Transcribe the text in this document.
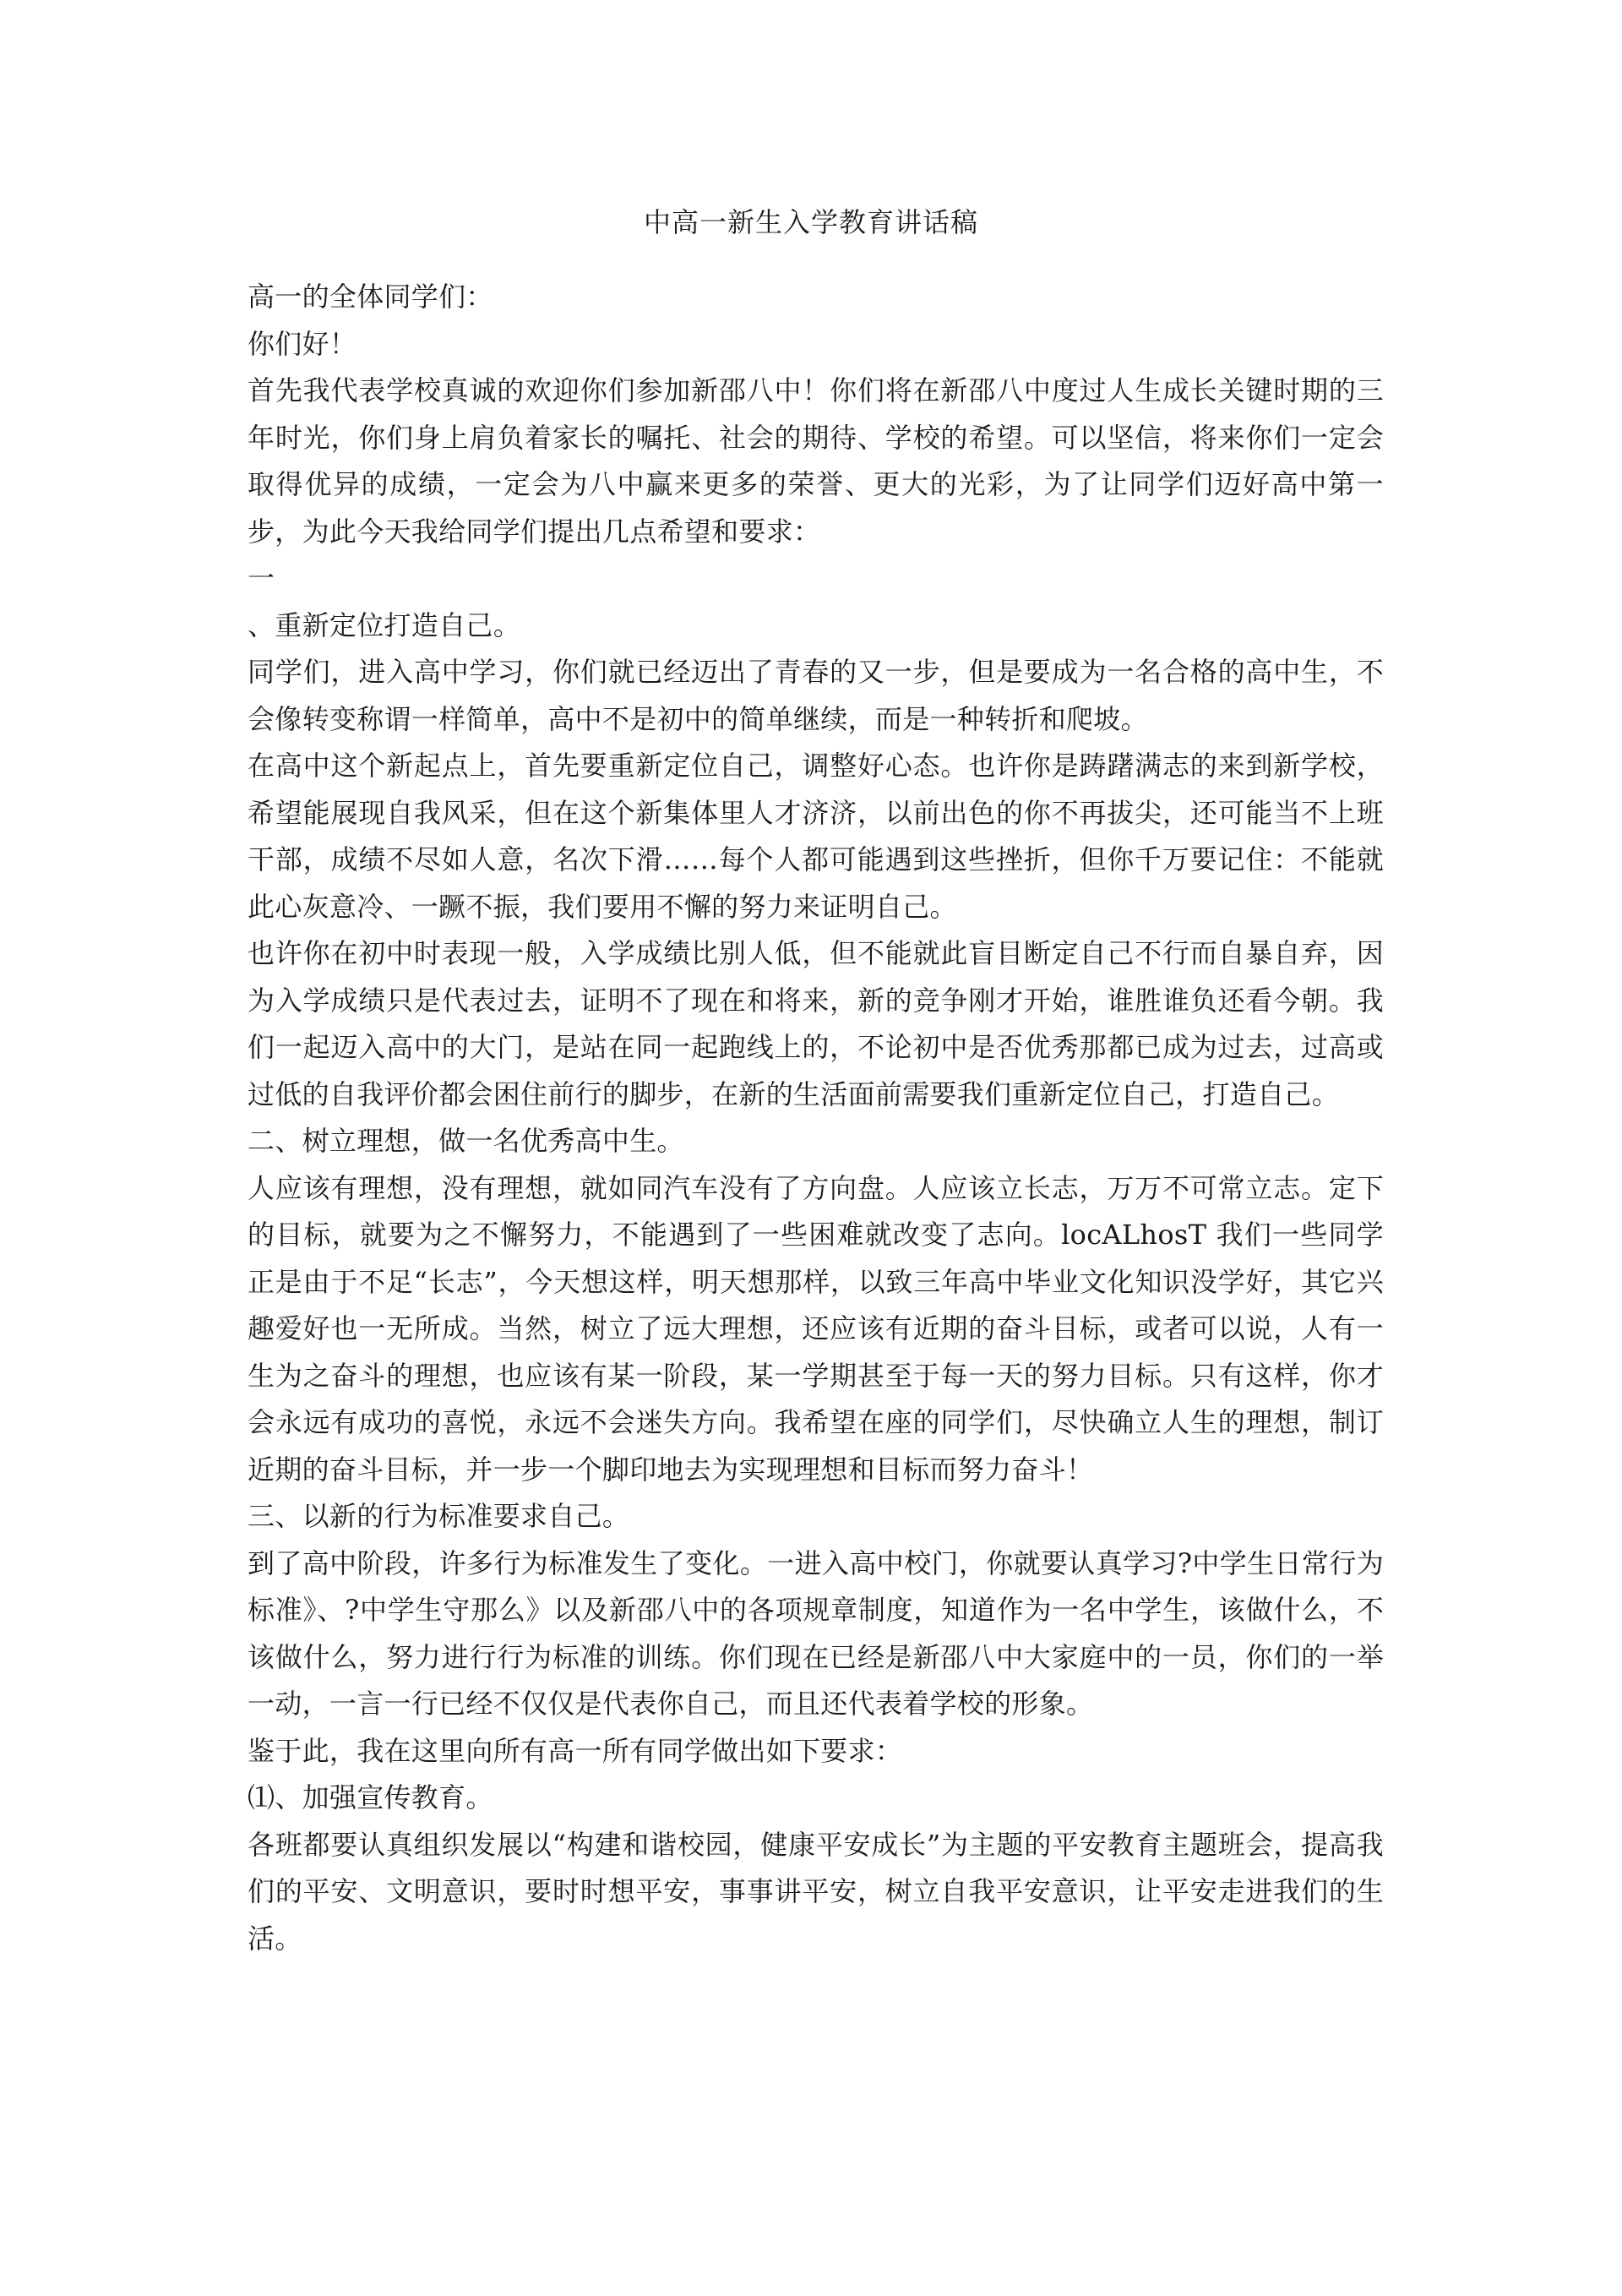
中高一新生入学教育讲话稿

高一的全体同学们：

你们好！

首先我代表学校真诚的欢迎你们参加新邵八中！你们将在新邵八中度过人生成长关键时期的三年时光，你们身上肩负着家长的嘱托、社会的期待、学校的希望。可以坚信，将来你们一定会取得优异的成绩，一定会为八中赢来更多的荣誉、更大的光彩，为了让同学们迈好高中第一步，为此今天我给同学们提出几点希望和要求：

一

、重新定位打造自己。

同学们，进入高中学习，你们就已经迈出了青春的又一步，但是要成为一名合格的高中生，不会像转变称谓一样简单，高中不是初中的简单继续，而是一种转折和爬坡。

在高中这个新起点上，首先要重新定位自己，调整好心态。也许你是踌躇满志的来到新学校，希望能展现自我风采，但在这个新集体里人才济济，以前出色的你不再拔尖，还可能当不上班干部，成绩不尽如人意，名次下滑……每个人都可能遇到这些挫折，但你千万要记住：不能就此心灰意冷、一蹶不振，我们要用不懈的努力来证明自己。

也许你在初中时表现一般，入学成绩比别人低，但不能就此盲目断定自己不行而自暴自弃，因为入学成绩只是代表过去，证明不了现在和将来，新的竞争刚才开始，谁胜谁负还看今朝。我们一起迈入高中的大门，是站在同一起跑线上的，不论初中是否优秀那都已成为过去，过高或过低的自我评价都会困住前行的脚步，在新的生活面前需要我们重新定位自己，打造自己。

二、树立理想，做一名优秀高中生。

人应该有理想，没有理想，就如同汽车没有了方向盘。人应该立长志，万万不可常立志。定下的目标，就要为之不懈努力，不能遇到了一些困难就改变了志向。locALhosT 我们一些同学正是由于不足“长志”，今天想这样，明天想那样，以致三年高中毕业文化知识没学好，其它兴趣爱好也一无所成。当然，树立了远大理想，还应该有近期的奋斗目标，或者可以说，人有一生为之奋斗的理想，也应该有某一阶段，某一学期甚至于每一天的努力目标。只有这样，你才会永远有成功的喜悦，永远不会迷失方向。我希望在座的同学们，尽快确立人生的理想，制订近期的奋斗目标，并一步一个脚印地去为实现理想和目标而努力奋斗！

三、以新的行为标准要求自己。

到了高中阶段，许多行为标准发生了变化。一进入高中校门，你就要认真学习?中学生日常行为标准》、?中学生守那么》以及新邵八中的各项规章制度，知道作为一名中学生，该做什么，不该做什么，努力进行行为标准的训练。你们现在已经是新邵八中大家庭中的一员，你们的一举一动，一言一行已经不仅仅是代表你自己，而且还代表着学校的形象。

鉴于此，我在这里向所有高一所有同学做出如下要求：

⑴、加强宣传教育。

各班都要认真组织发展以“构建和谐校园，健康平安成长”为主题的平安教育主题班会，提高我们的平安、文明意识，要时时想平安，事事讲平安，树立自我平安意识，让平安走进我们的生活。
